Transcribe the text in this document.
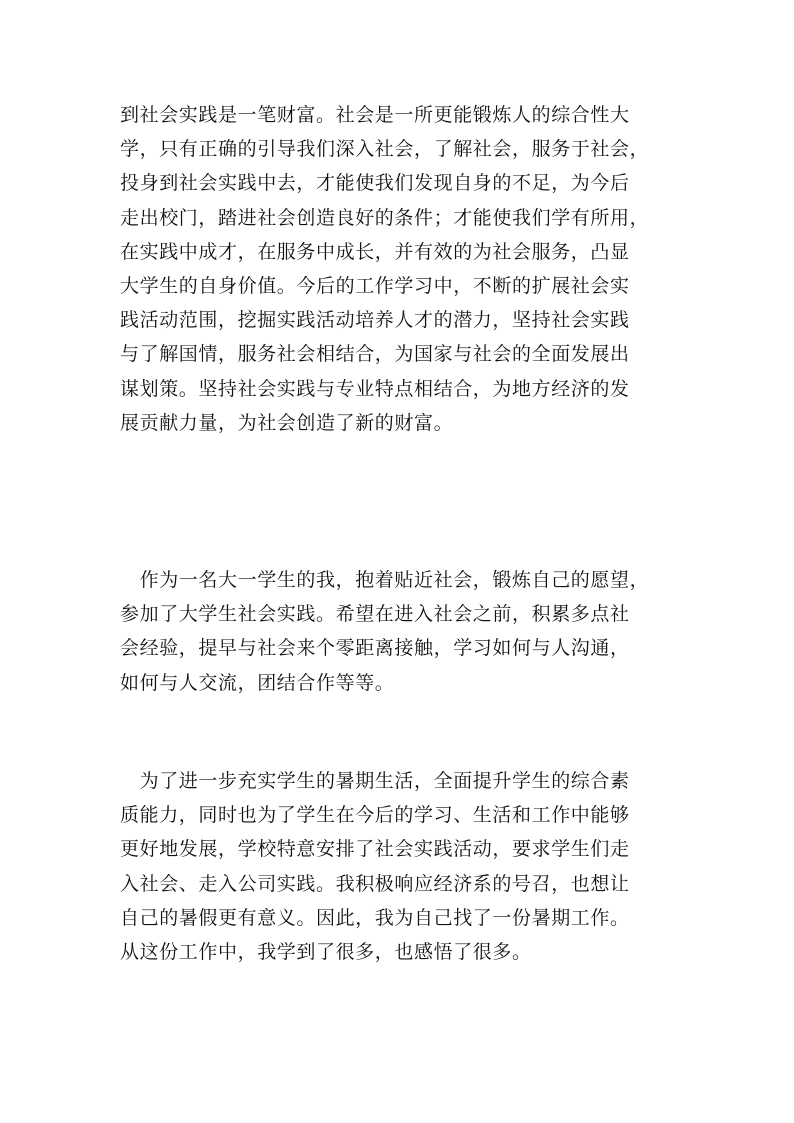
到社会实践是一笔财富。社会是一所更能锻炼人的综合性大
学，只有正确的引导我们深入社会，了解社会，服务于社会，
投身到社会实践中去，才能使我们发现自身的不足，为今后
走出校门，踏进社会创造良好的条件；才能使我们学有所用，
在实践中成才，在服务中成长，并有效的为社会服务，凸显
大学生的自身价值。今后的工作学习中，不断的扩展社会实
践活动范围，挖掘实践活动培养人才的潜力，坚持社会实践
与了解国情，服务社会相结合，为国家与社会的全面发展出
谋划策。坚持社会实践与专业特点相结合，为地方经济的发
展贡献力量，为社会创造了新的财富。
　作为一名大一学生的我，抱着贴近社会，锻炼自己的愿望，
参加了大学生社会实践。希望在进入社会之前，积累多点社
会经验，提早与社会来个零距离接触，学习如何与人沟通，
如何与人交流，团结合作等等。
　为了进一步充实学生的暑期生活，全面提升学生的综合素
质能力，同时也为了学生在今后的学习、生活和工作中能够
更好地发展，学校特意安排了社会实践活动，要求学生们走
入社会、走入公司实践。我积极响应经济系的号召，也想让
自己的暑假更有意义。因此，我为自己找了一份暑期工作。
从这份工作中，我学到了很多，也感悟了很多。
